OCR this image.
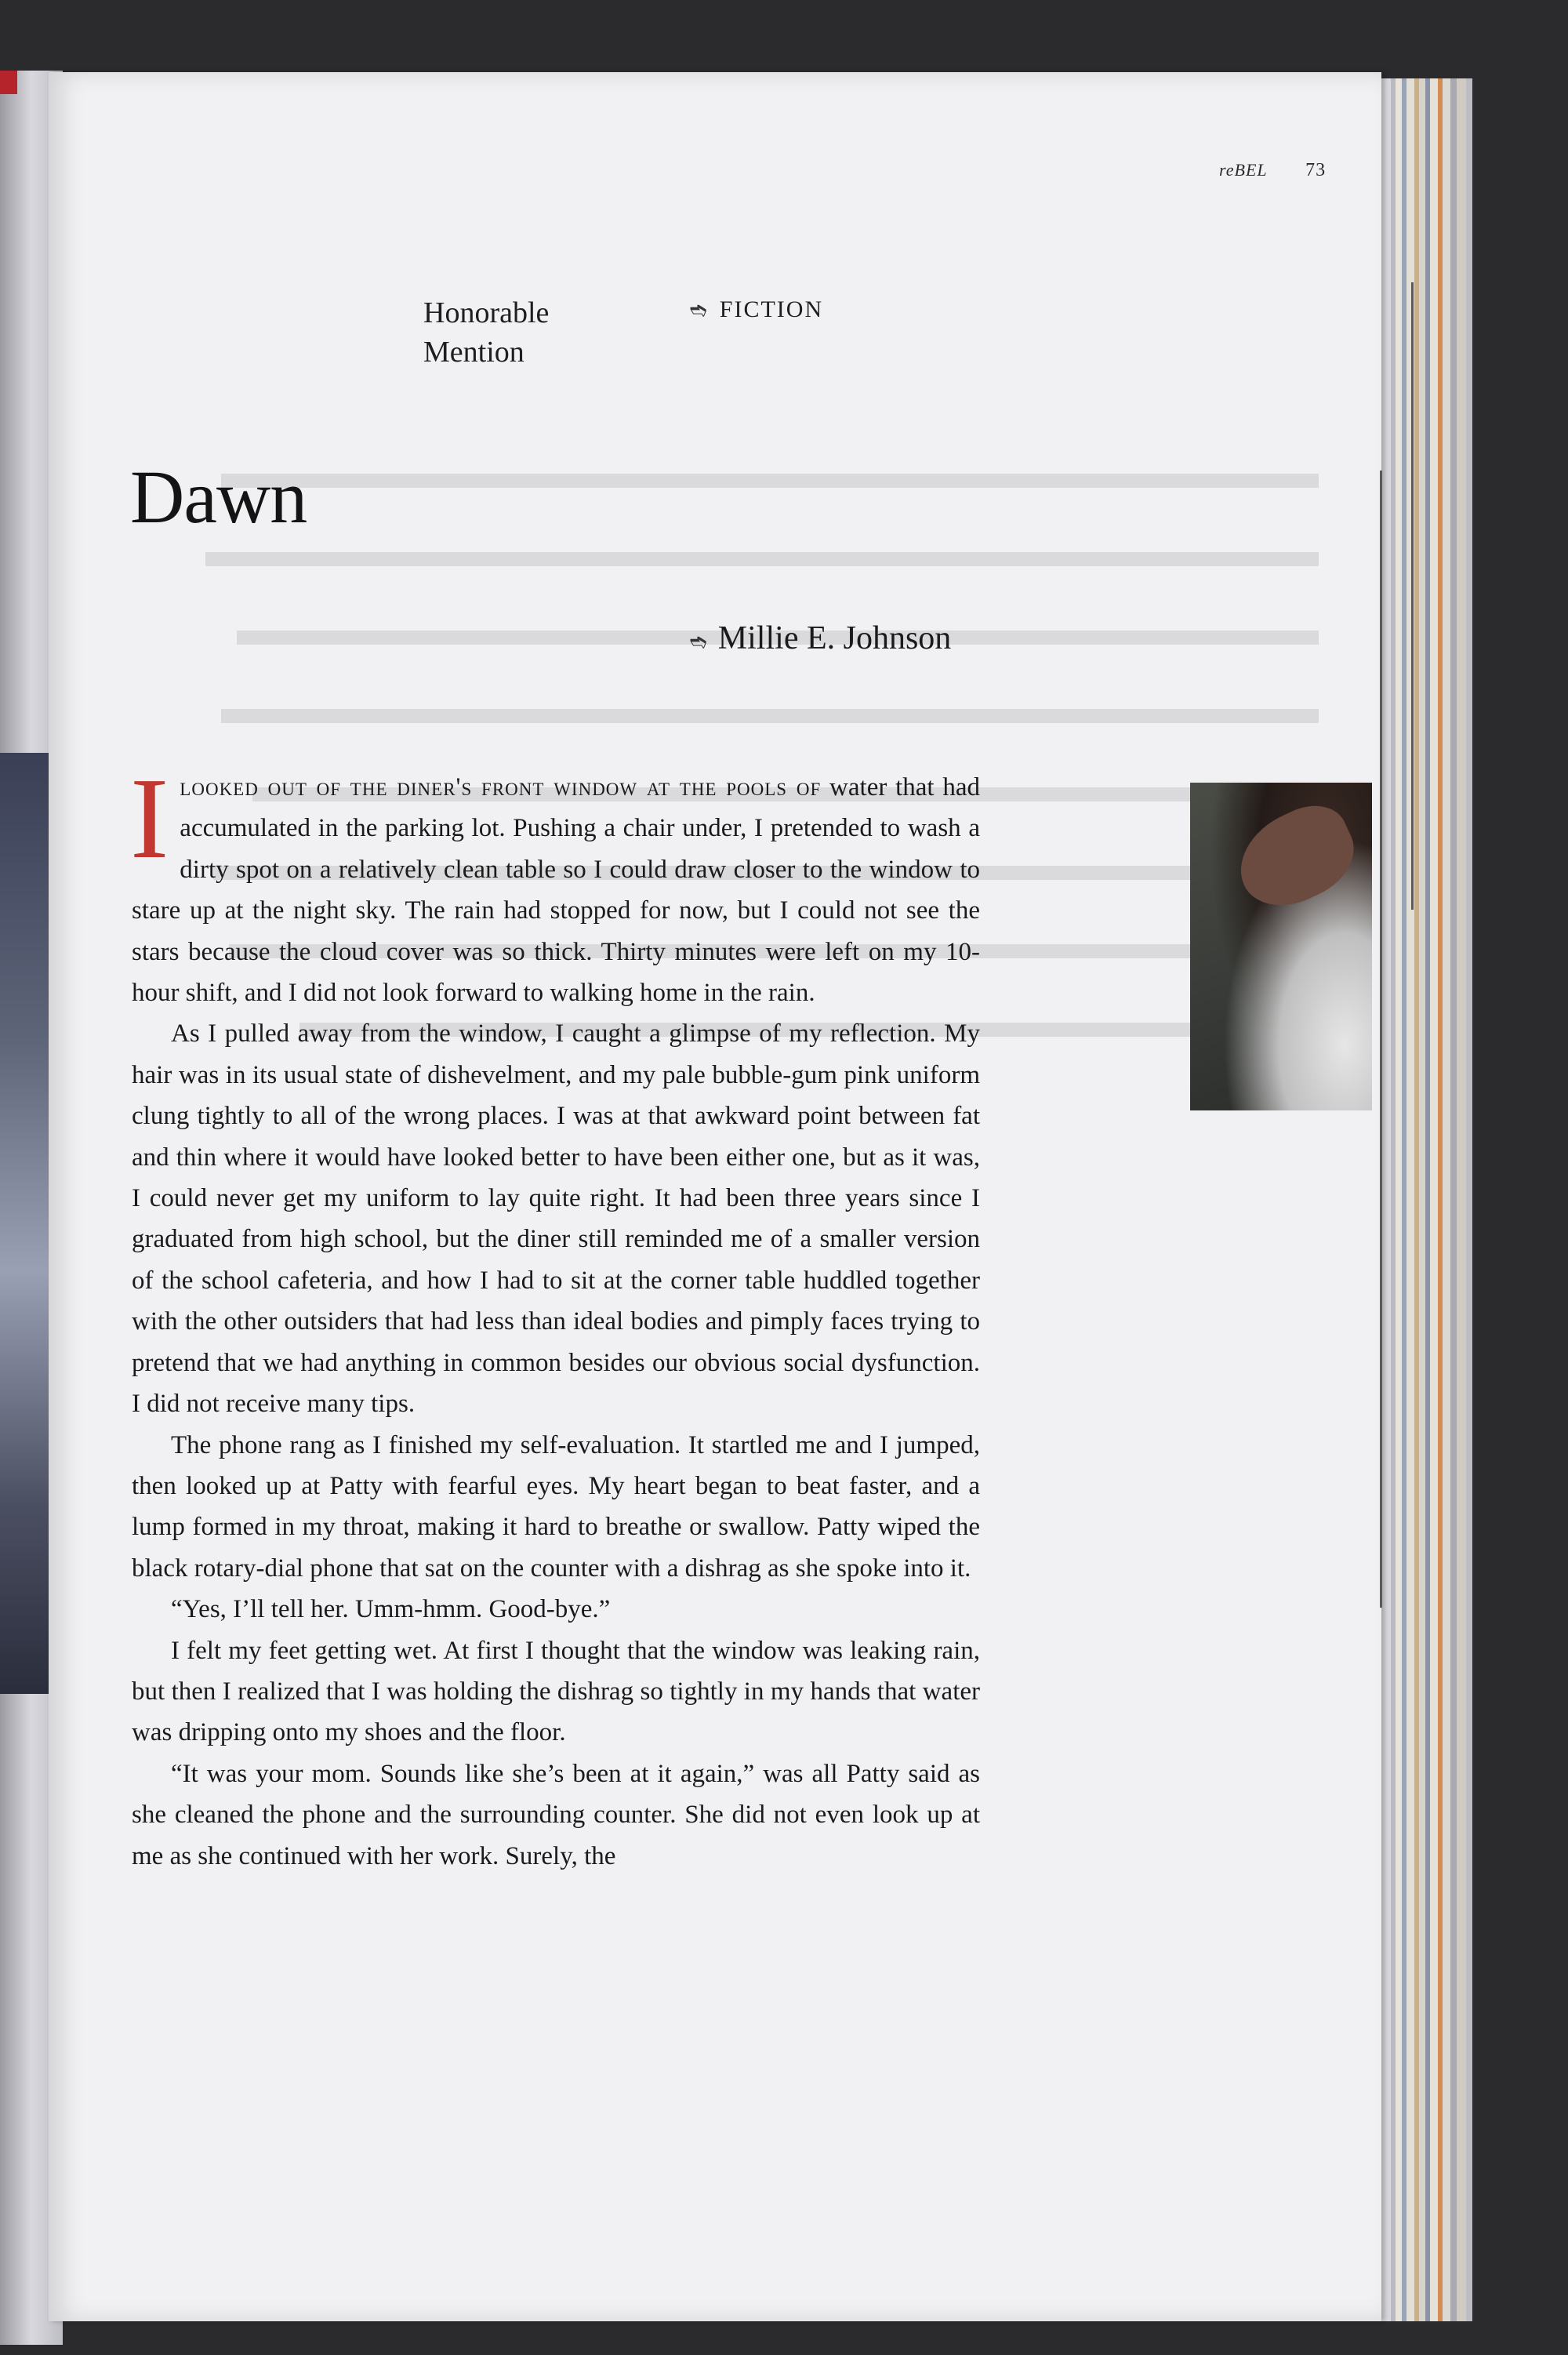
reBEL 73
Honorable Mention
➬ FICTION
Dawn
➬ Millie E. Johnson

Ilooked out of the diner's front window at the pools of water that had accumulated in the parking lot. Pushing a chair under, I pretended to wash a dirty spot on a relatively clean table so I could draw closer to the window to stare up at the night sky. The rain had stopped for now, but I could not see the stars because the cloud cover was so thick. Thirty minutes were left on my 10-hour shift, and I did not look forward to walking home in the rain.

As I pulled away from the window, I caught a glimpse of my reflection. My hair was in its usual state of dishevelment, and my pale bubble-gum pink uniform clung tightly to all of the wrong places. I was at that awkward point between fat and thin where it would have looked better to have been either one, but as it was, I could never get my uniform to lay quite right. It had been three years since I graduated from high school, but the diner still reminded me of a smaller version of the school cafeteria, and how I had to sit at the corner table huddled together with the other outsiders that had less than ideal bodies and pimply faces trying to pretend that we had anything in common besides our obvious social dysfunction. I did not receive many tips.

The phone rang as I finished my self-evaluation. It startled me and I jumped, then looked up at Patty with fearful eyes. My heart began to beat faster, and a lump formed in my throat, making it hard to breathe or swallow. Patty wiped the black rotary-dial phone that sat on the counter with a dishrag as she spoke into it.

“Yes, I’ll tell her. Umm-hmm. Good-bye.”

I felt my feet getting wet. At first I thought that the window was leaking rain, but then I realized that I was holding the dishrag so tightly in my hands that water was dripping onto my shoes and the floor.

“It was your mom. Sounds like she’s been at it again,” was all Patty said as she cleaned the phone and the surrounding counter. She did not even look up at me as she continued with her work. Surely, the
